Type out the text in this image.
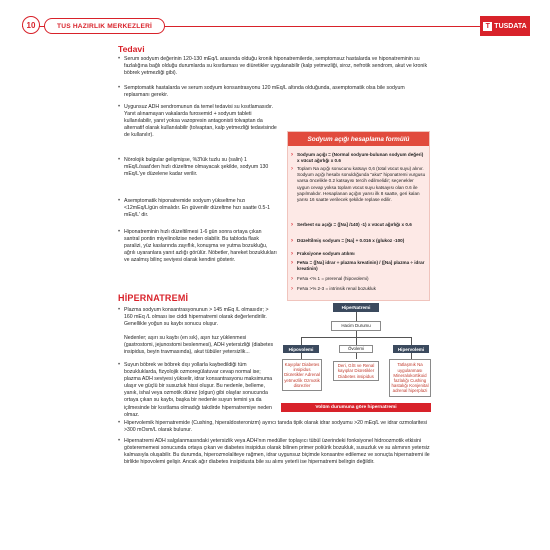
10	TUS HAZIRLIK MERKEZLERİ	T TUSDATA
Tedavi
• Serum sodyum değerinin 120-130 mEq/L arasında olduğu kronik hiponatremilerde, semptomsuz hastalarda ve hiponatreminin su fazlalığına bağlı olduğu durumlarda su kısıtlaması ve diüretikler uygulanabilir (kalp yetmezliği, siroz, nefrotik sendrom, akut ve kronik böbrek yetmezliği gibi).
• Semptomatik hastalarda ve serum sodyum konsantrasyonu 120 mEq/L altında olduğunda, asemptomatik olsa bile sodyum replasmanı gerekir.
• Uygunsuz ADH sendromunun da temel tedavisi su kısıtlamasıdır. Yanıt alınamayan vakalarda furosemid + sodyum tableti kullanılabilir, yanıt yoksa vazopresin antagonisti tolvaptan da alternatif olarak kullanılabilir (tolvaptan, kalp yetmezliği tedavisinde de kullanılır).
• Nörolojik bulgular gelişmişse, %3'lük tuzlu su (salin) 1 mEq/L/saat'den hızlı düzeltme olmayacak şekilde, sodyum 130 mEq/L'ye düzelene kadar verilir.
• Asemptomatik hiponatremide sodyum yükseltme hızı <12mEq/L/gün olmalıdır. En güvenilir düzeltme hızı saatte 0.5-1 mEq/L' dir.
• Hiponatreminin hızlı düzeltilmesi 1-6 gün sonra ortaya çıkan santral pontin miyelinolizise neden olabilir. Bu tabloda flask paralizi, yüz kaslarında zayıflık, konuşma ve yutma bozukluğu, ağrılı uyaranlara yanıt azlığı görülür. Nöbetler, hareket bozuklukları ve azalmış bilinç seviyesi olarak kendini gösterir.
Sodyum açığı hesaplama formülü
› Sodyum açığı = (Normal sodyum-bulunan sodyum değeri) x vücut ağırlığı x 0.6
› Toplam Na açığı sonucunu katsayı 0,6 (total vücut suyu) alınır. Sodyum açığı hesabı sonuldığunda "akut" hiponatremi vurgusu varsa öncelikle 0.2 katsayısı tercih edilmelidir; seçenekler uygun cevap yoksa toplam vücut suyu katsayısı olan 0.6 ile yapılmalıdır. Hesaplanan açığın yarısı ilk 8 saatte, geri kalan yarısı 16 saatte verilecek şekilde replase edilir.
› Serbest su açığı = ([Na] /140) -1) x vücut ağırlığı x 0.6
› Düzeltilmiş sodyum = [Na] + 0.016 x (glukoz -100)
› Fraksiyone sodyum atılımı
› FeNa = ([Na] idrar ÷ plazma kreatinin) / ([Na] plazma ÷ idrar kreatinin)
› FeNa <% 1 = prerenal (hipovolemi)
› FeNa >% 2-3 = intrinsik renal bozukluk
HİPERNATREMİ
• Plazma sodyum konsantrasyonunun > 145 mEq /L olmasıdır; > 160 mEq /L olması ise ciddi hipernatremi olarak değerlendirilir. Genellikle yoğun su kaybı sonucu oluşur.
Nedenler; aşırı su kaybı (en sık), aşırı tuz yüklenmesi (gastrostomi, jejunostomi beslenmesi), ADH yetersizliği (diabetes insipidus, beyin travmasında), akut tübüler yetersizlik...
• Suyun böbrek ve böbrek dışı yollarla kaybedildiği tüm bozukluklarda, fizyolojik ozmoregülatuvar cevap normal ise; plazma ADH seviyesi yükselir, idrar konsantrasyonu maksimuma ulaşır ve güçlü bir susuzluk hissi oluşur. Bu nedenle, belleme, yanık, ishal veya ozmotik diürez (olgun) gibi olaylar sonucunda ortaya çıkan su kaybı, başka bir nedenle suyun temini ya da içilmesinde bir kısıtlama olmadığı takdirde hipernatremiye neden olmaz.
• Hipervolemik hipernatremide (Cushing, hiperaldosteronizm) ayırıcı tanıda tipik olarak idrar sodyumu >20 mEq/L ve idrar ozmolaritesi >300 mOsm/L olarak bulunur.
• Hipernatremi ADH salgılanmasındaki yetersizlik veya ADH'nın medüller toplayıcı tübül üzerindeki fonksiyonel hidroozmotik etkisini gösterememesi sonucunda ortaya çıkan ve diabetes insipidus olarak bilinen primer poliürik bozukluk, susuzluk ve su alımının yetersiz kalmasıyla oluşabilir. Bu durumda, hiperozmolaliteye rağmen, idrar uygunsuz biçimde konsantre edilemez ve sonuçta hipernatremi ile birlikte hipovolemi gelişir. Ancak ağır diabetes insipidusta bile su alımı yeterli ise hipernatremi belirgin değildir.
HiperNatremi
Hacim Durumu
Hipovolemi	Övolemi	Hipervolemi
Kayıplar Diabetes insipidus Diüretikler Adrenal yetmezlik Ozmotik diürezler
Deri, GİS ve Renal kayıplar Diüretikler Diabetes insipidus
Tatlaşmık Na uygulanması Mineralokortikoid fazlalığı Cushing hastalığı Konjenital adrenal hiperplazi
Volüm durumuna göre hipernatremi
